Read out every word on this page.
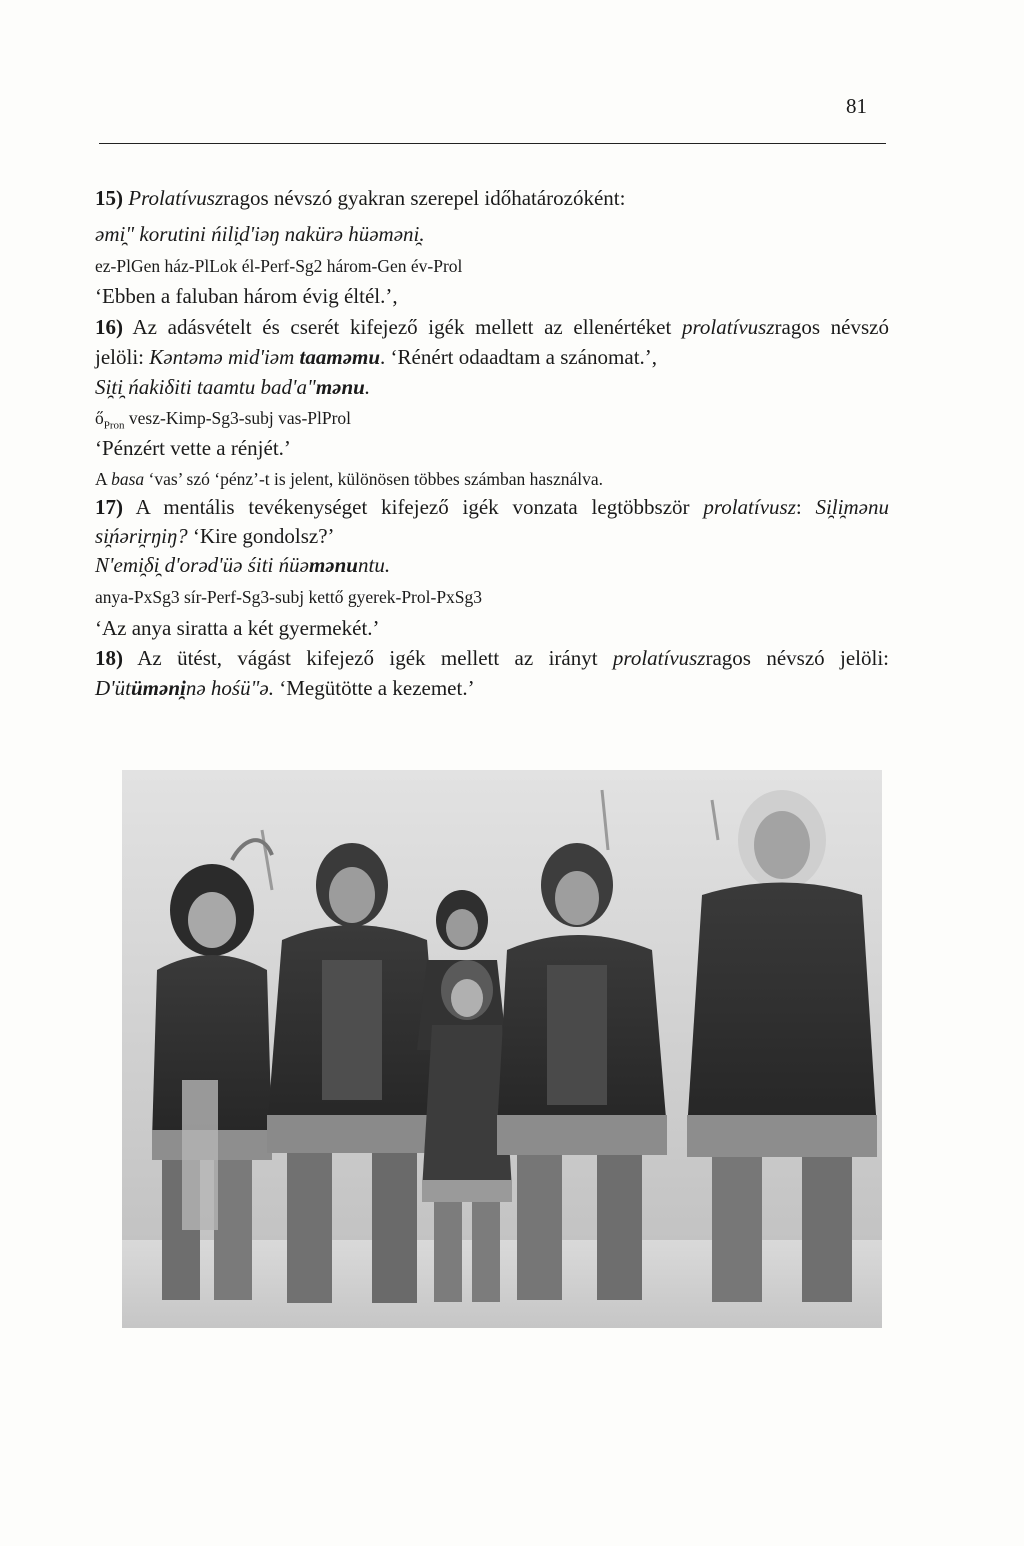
81
15) Prolatívuszragos névszó gyakran szerepel időhatározóként:
əmi̯" korutini ńili̯d'iəŋ nakürə hüəməni̯.
ez-PlGen ház-PlLok él-Perf-Sg2 három-Gen év-Prol
‘Ebben a faluban három évig éltél.’,
16) Az adásvételt és cserét kifejező igék mellett az ellenértéket prolatívuszragos névszó
jelöli: Kəntəmə mid'iəm taaməmu. ‘Rénért odaadtam a szánomat.’,
Si̯ti̯ ńakiδiti taamtu bad'a"mənu.
$ő_{Pron}$ vesz-Kimp-Sg3-subj vas-PlProl
‘Pénzért vette a rénjét.’
A basa ‘vas’ szó ‘pénz’-t is jelent, különösen többes számban használva.
17) A mentális tevékenységet kifejező igék vonzata legtöbbször prolatívusz: Si̯li̯mənu
si̯ńəri̯rŋiŋ? ‘Kire gondolsz?’
N'emi̯δi̯ d'orəd'üə śiti ńüəmənuntu.
anya-PxSg3 sír-Perf-Sg3-subj kettő gyerek-Prol-PxSg3
‘Az anya siratta a két gyermekét.’
18) Az ütést, vágást kifejező igék mellett az irányt prolatívuszragos névszó jelöli:
D'ütüməni̯nə hośü"ə. ‘Megütötte a kezemet.’
